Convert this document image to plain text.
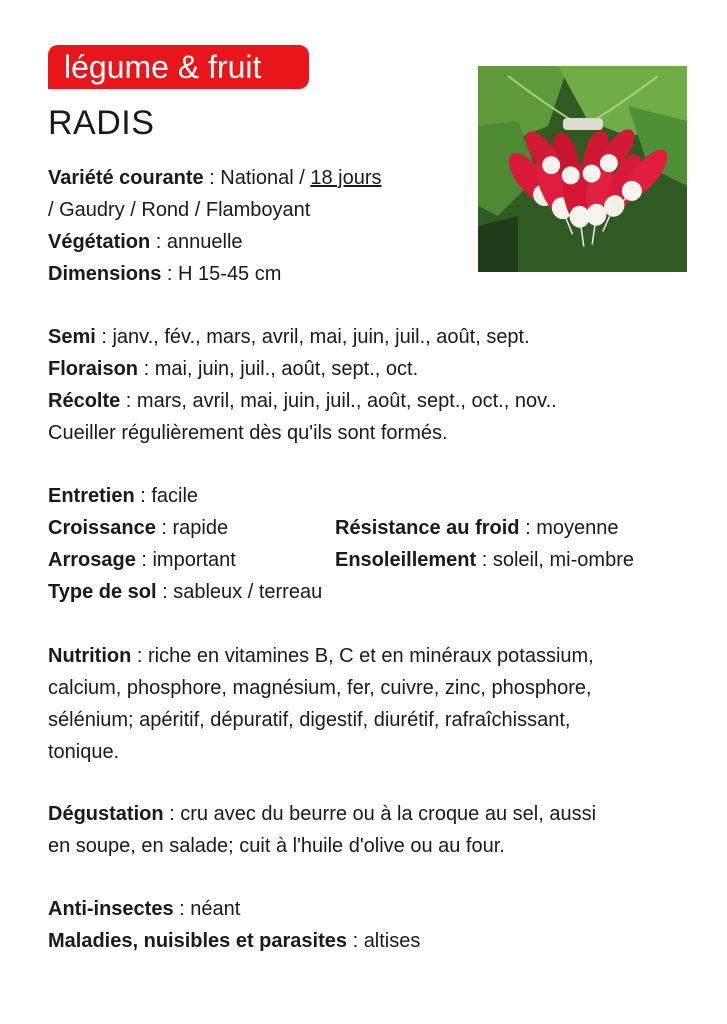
légume & fruit
RADIS
Variété courante : National / 18 jours
/ Gaudry / Rond / Flamboyant
Végétation : annuelle
Dimensions : H 15-45 cm
Semi : janv., fév., mars, avril, mai, juin, juil., août, sept.
Floraison : mai, juin, juil., août, sept., oct.
Récolte : mars, avril, mai, juin, juil., août, sept., oct., nov..
Cueiller régulièrement dès qu'ils sont formés.
Entretien : facile
Croissance : rapide	Résistance au froid : moyenne
Arrosage : important	Ensoleillement : soleil, mi-ombre
Type de sol : sableux / terreau
Nutrition : riche en vitamines B, C et en minéraux potassium,
calcium, phosphore, magnésium, fer, cuivre, zinc, phosphore,
sélénium; apéritif, dépuratif, digestif, diurétif, rafraîchissant,
tonique.
Dégustation : cru avec du beurre ou à la croque au sel, aussi
en soupe, en salade; cuit à l'huile d'olive ou au four.
Anti-insectes : néant
Maladies, nuisibles et parasites : altises
